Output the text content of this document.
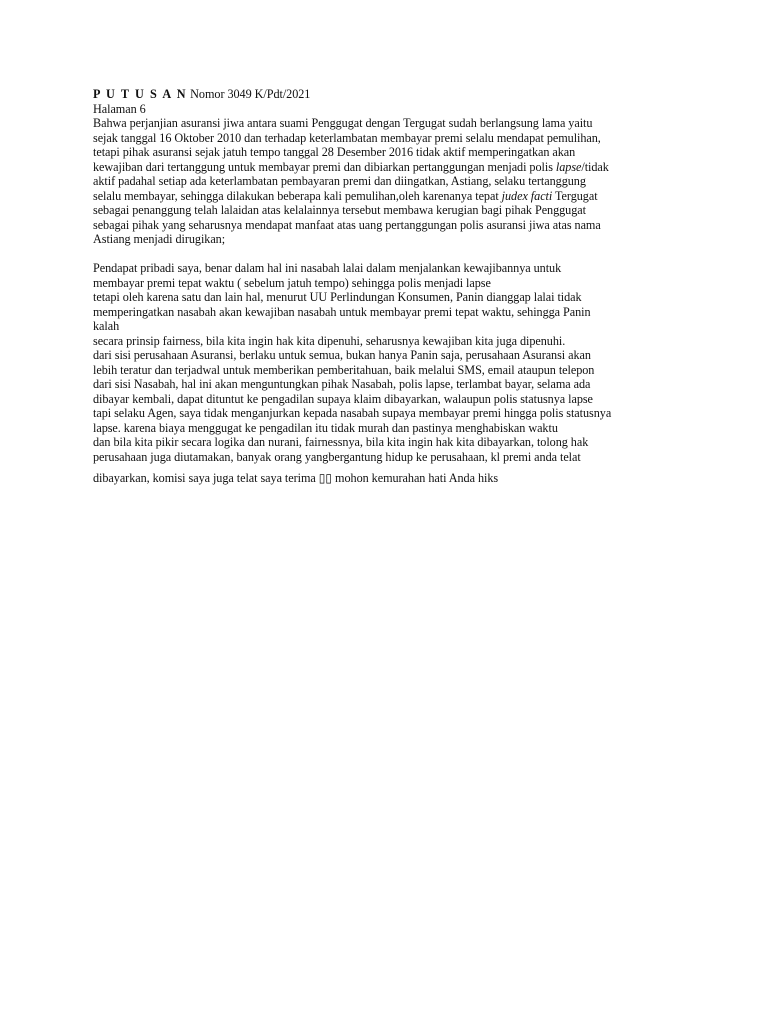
P U T U S A N Nomor 3049 K/Pdt/2021
Halaman 6
Bahwa perjanjian asuransi jiwa antara suami Penggugat dengan Tergugat sudah berlangsung lama yaitu
sejak tanggal 16 Oktober 2010 dan terhadap keterlambatan membayar premi selalu mendapat pemulihan,
tetapi pihak asuransi sejak jatuh tempo tanggal 28 Desember 2016 tidak aktif memperingatkan akan
kewajiban dari tertanggung untuk membayar premi dan dibiarkan pertanggungan menjadi polis lapse/tidak
aktif padahal setiap ada keterlambatan pembayaran premi dan diingatkan, Astiang, selaku tertanggung
selalu membayar, sehingga dilakukan beberapa kali pemulihan,oleh karenanya tepat judex facti Tergugat
sebagai penanggung telah lalaidan atas kelalainnya tersebut membawa kerugian bagi pihak Penggugat
sebagai pihak yang seharusnya mendapat manfaat atas uang pertanggungan polis asuransi jiwa atas nama
Astiang menjadi dirugikan;
Pendapat pribadi saya, benar dalam hal ini nasabah lalai dalam menjalankan kewajibannya untuk
membayar premi tepat waktu ( sebelum jatuh tempo) sehingga polis menjadi lapse
tetapi oleh karena satu dan lain hal, menurut UU Perlindungan Konsumen, Panin dianggap lalai tidak
memperingatkan nasabah akan kewajiban nasabah untuk membayar premi tepat waktu, sehingga Panin
kalah
secara prinsip fairness, bila kita ingin hak kita dipenuhi, seharusnya kewajiban kita juga dipenuhi.
dari sisi perusahaan Asuransi, berlaku untuk semua, bukan hanya Panin saja, perusahaan Asuransi akan
lebih teratur dan terjadwal untuk memberikan pemberitahuan, baik melalui SMS, email ataupun telepon
dari sisi Nasabah, hal ini akan menguntungkan pihak Nasabah, polis lapse, terlambat bayar, selama ada
dibayar kembali, dapat dituntut ke pengadilan supaya klaim dibayarkan, walaupun polis statusnya lapse
tapi selaku Agen, saya tidak menganjurkan kepada nasabah supaya membayar premi hingga polis statusnya
lapse. karena biaya menggugat ke pengadilan itu tidak murah dan pastinya menghabiskan waktu
dan bila kita pikir secara logika dan nurani, fairnessnya, bila kita ingin hak kita dibayarkan, tolong hak
perusahaan juga diutamakan, banyak orang yangbergantung hidup ke perusahaan, kl premi anda telat
dibayarkan, komisi saya juga telat saya terima ▯▯ mohon kemurahan hati Anda hiks
